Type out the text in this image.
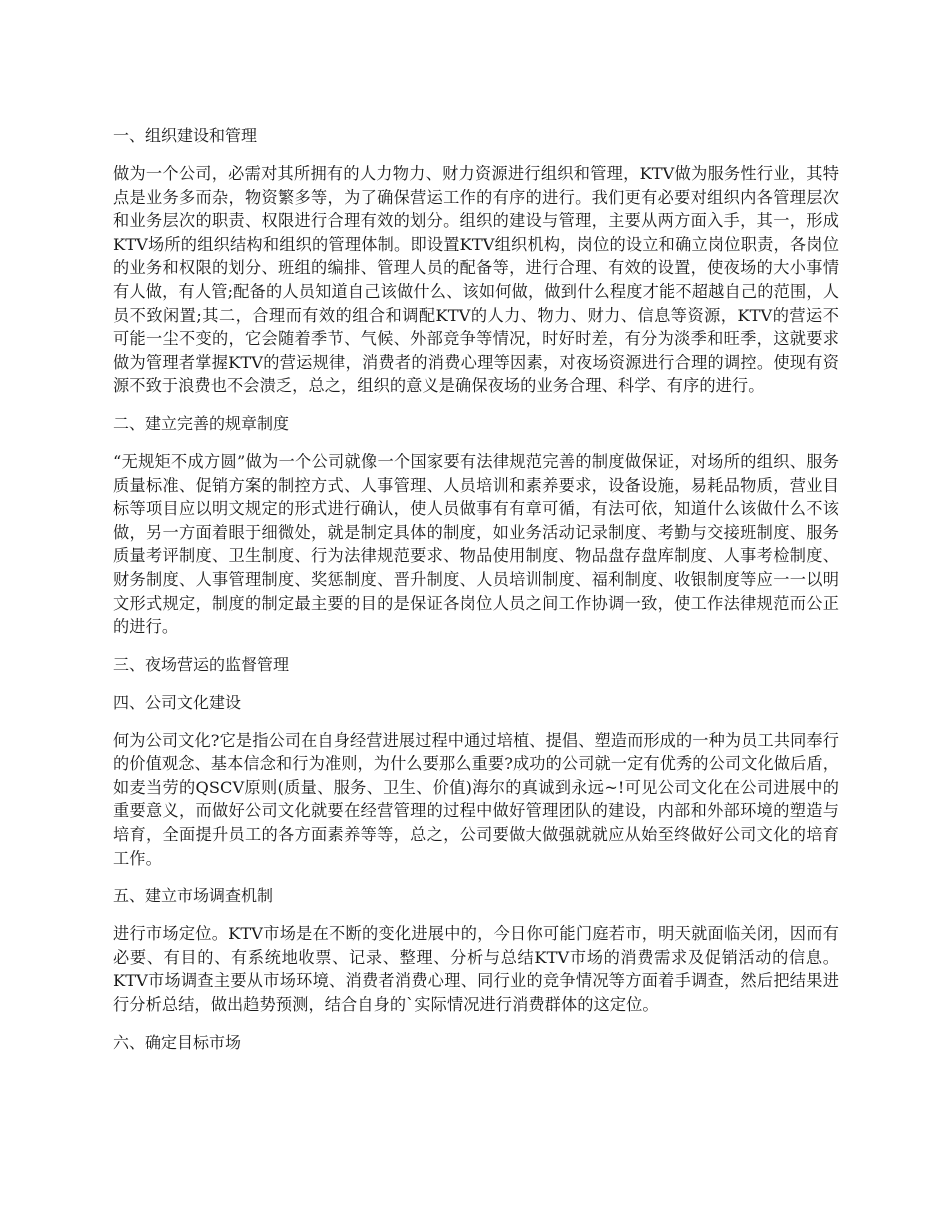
一、组织建设和管理
做为一个公司，必需对其所拥有的人力物力、财力资源进行组织和管理，KTV做为服务性行业，其特点是业务多而杂，物资繁多等，为了确保营运工作的有序的进行。我们更有必要对组织内各管理层次和业务层次的职责、权限进行合理有效的划分。组织的建设与管理，主要从两方面入手，其一，形成KTV场所的组织结构和组织的管理体制。即设置KTV组织机构，岗位的设立和确立岗位职责，各岗位的业务和权限的划分、班组的编排、管理人员的配备等，进行合理、有效的设置，使夜场的大小事情有人做，有人管;配备的人员知道自己该做什么、该如何做，做到什么程度才能不超越自己的范围，人员不致闲置;其二，合理而有效的组合和调配KTV的人力、物力、财力、信息等资源，KTV的营运不可能一尘不变的，它会随着季节、气候、外部竞争等情况，时好时差，有分为淡季和旺季，这就要求做为管理者掌握KTV的营运规律，消费者的消费心理等因素，对夜场资源进行合理的调控。使现有资源不致于浪费也不会溃乏，总之，组织的意义是确保夜场的业务合理、科学、有序的进行。
二、建立完善的规章制度
“无规矩不成方圆”做为一个公司就像一个国家要有法律规范完善的制度做保证，对场所的组织、服务质量标准、促销方案的制控方式、人事管理、人员培训和素养要求，设备设施，易耗品物质，营业目标等项目应以明文规定的形式进行确认，使人员做事有有章可循，有法可依，知道什么该做什么不该做，另一方面着眼于细微处，就是制定具体的制度，如业务活动记录制度、考勤与交接班制度、服务质量考评制度、卫生制度、行为法律规范要求、物品使用制度、物品盘存盘库制度、人事考检制度、财务制度、人事管理制度、奖惩制度、晋升制度、人员培训制度、福利制度、收银制度等应一一以明文形式规定，制度的制定最主要的目的是保证各岗位人员之间工作协调一致，使工作法律规范而公正的进行。
三、夜场营运的监督管理
四、公司文化建设
何为公司文化?它是指公司在自身经营进展过程中通过培植、提倡、塑造而形成的一种为员工共同奉行的价值观念、基本信念和行为准则，为什么要那么重要?成功的公司就一定有优秀的公司文化做后盾，如麦当劳的QSCV原则(质量、服务、卫生、价值)海尔的真诚到永远~!可见公司文化在公司进展中的重要意义，而做好公司文化就要在经营管理的过程中做好管理团队的建设，内部和外部环境的塑造与培育，全面提升员工的各方面素养等等，总之，公司要做大做强就就应从始至终做好公司文化的培育工作。
五、建立市场调查机制
进行市场定位。KTV市场是在不断的变化进展中的，今日你可能门庭若市，明天就面临关闭，因而有必要、有目的、有系统地收票、记录、整理、分析与总结KTV市场的消费需求及促销活动的信息。KTV市场调查主要从市场环境、消费者消费心理、同行业的竞争情况等方面着手调查，然后把结果进行分析总结，做出趋势预测，结合自身的`实际情况进行消费群体的这定位。
六、确定目标市场
